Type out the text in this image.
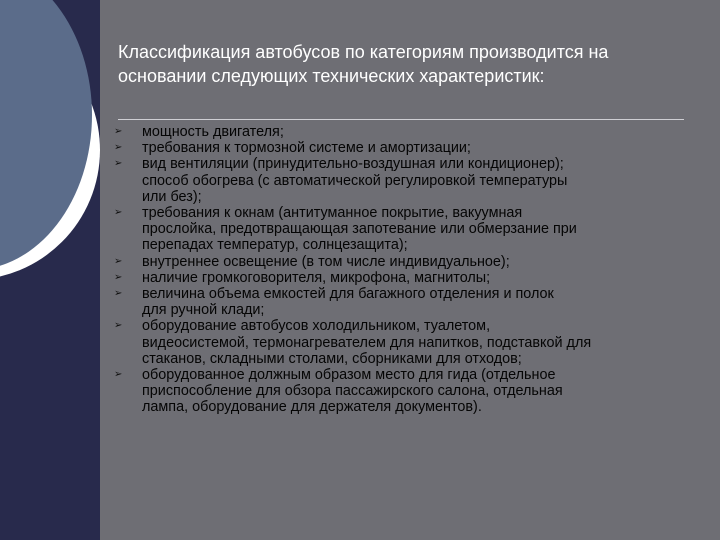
Классификация автобусов по категориям производится на
основании следующих технических характеристик:
➢	мощность двигателя;
➢	требования к тормозной системе и амортизации;
➢	вид вентиляции (принудительно-воздушная или кондиционер);
способ обогрева (с автоматической регулировкой температуры
или без);
➢	требования к окнам (антитуманное покрытие, вакуумная
прослойка, предотвращающая запотевание или обмерзание при
перепадах температур, солнцезащита);
➢	внутреннее освещение (в том числе индивидуальное);
➢	наличие громкоговорителя, микрофона, магнитолы;
➢	величина объема емкостей для багажного отделения и полок
для ручной клади;
➢	оборудование автобусов холодильником, туалетом,
видеосистемой, термонагревателем для напитков, подставкой для
стаканов, складными столами, сборниками для отходов;
➢	оборудованное должным образом место для гида (отдельное
приспособление для обзора пассажирского салона, отдельная
лампа, оборудование для держателя документов).
